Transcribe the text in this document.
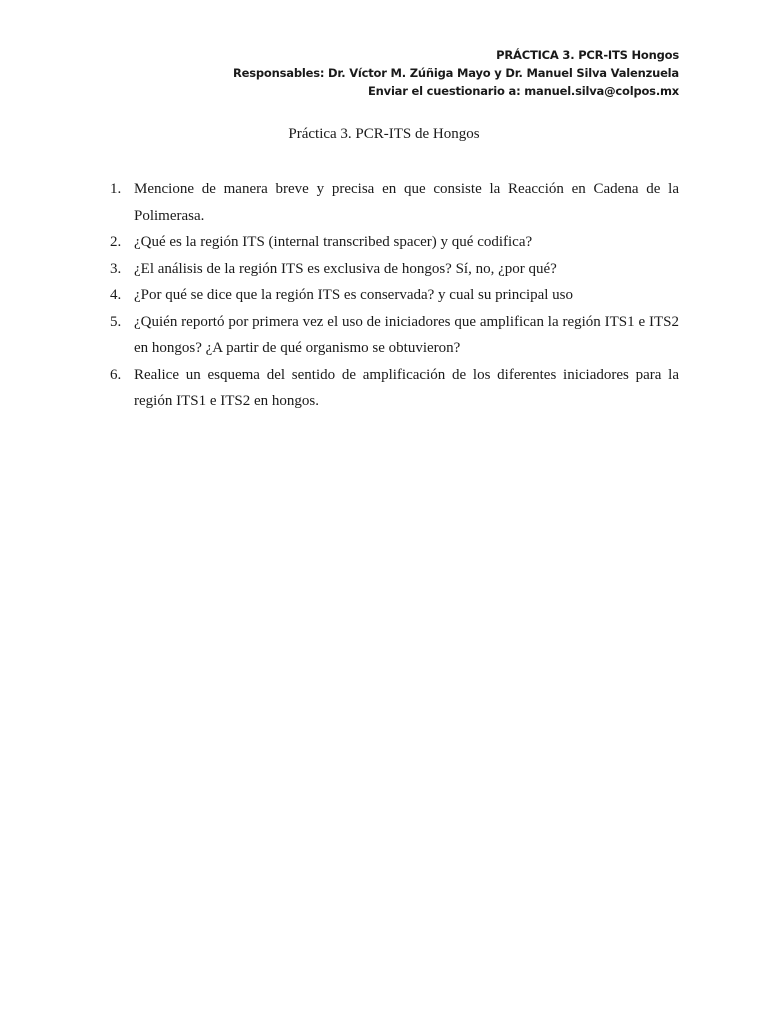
PRÁCTICA 3. PCR-ITS Hongos
Responsables: Dr. Víctor M. Zúñiga Mayo y Dr. Manuel Silva Valenzuela
Enviar el cuestionario a: manuel.silva@colpos.mx
Práctica 3. PCR-ITS de Hongos
1. Mencione de manera breve y precisa en que consiste la Reacción en Cadena de la Polimerasa.
2. ¿Qué es la región ITS (internal transcribed spacer) y qué codifica?
3. ¿El análisis de la región ITS es exclusiva de hongos? Sí, no, ¿por qué?
4. ¿Por qué se dice que la región ITS es conservada? y cual su principal uso
5. ¿Quién reportó por primera vez el uso de iniciadores que amplifican la región ITS1 e ITS2 en hongos? ¿A partir de qué organismo se obtuvieron?
6. Realice un esquema del sentido de amplificación de los diferentes iniciadores para la región ITS1 e ITS2 en hongos.
